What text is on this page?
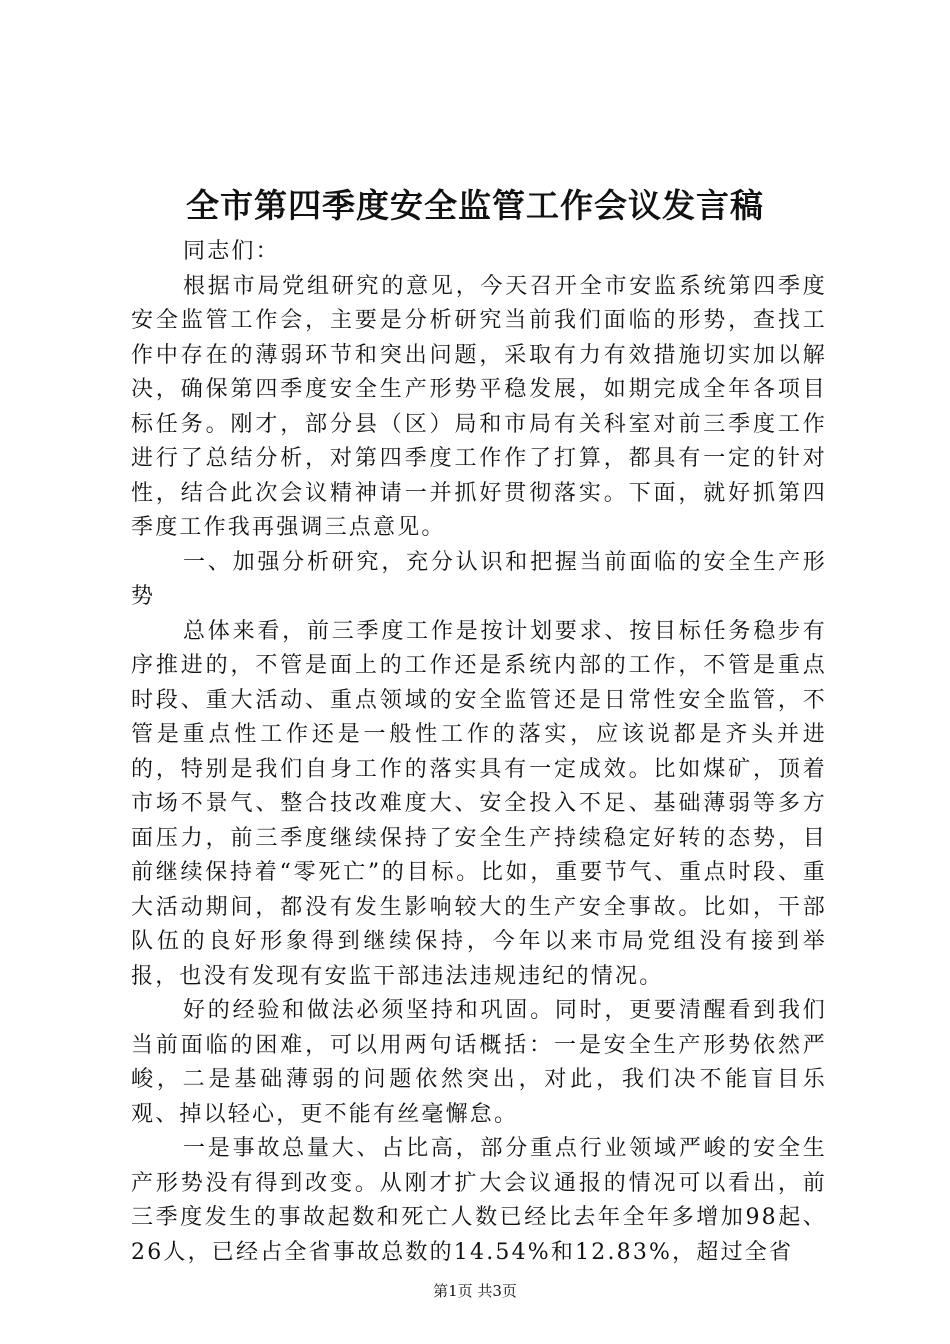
全市第四季度安全监管工作会议发言稿

同志们：

根据市局党组研究的意见，今天召开全市安监系统第四季度安全监管工作会，主要是分析研究当前我们面临的形势，查找工作中存在的薄弱环节和突出问题，采取有力有效措施切实加以解决，确保第四季度安全生产形势平稳发展，如期完成全年各项目标任务。刚才，部分县（区）局和市局有关科室对前三季度工作进行了总结分析，对第四季度工作作了打算，都具有一定的针对性，结合此次会议精神请一并抓好贯彻落实。下面，就好抓第四季度工作我再强调三点意见。

一、加强分析研究，充分认识和把握当前面临的安全生产形势

总体来看，前三季度工作是按计划要求、按目标任务稳步有序推进的，不管是面上的工作还是系统内部的工作，不管是重点时段、重大活动、重点领域的安全监管还是日常性安全监管，不管是重点性工作还是一般性工作的落实，应该说都是齐头并进的，特别是我们自身工作的落实具有一定成效。比如煤矿，顶着市场不景气、整合技改难度大、安全投入不足、基础薄弱等多方面压力，前三季度继续保持了安全生产持续稳定好转的态势，目前继续保持着“零死亡”的目标。比如，重要节气、重点时段、重大活动期间，都没有发生影响较大的生产安全事故。比如，干部队伍的良好形象得到继续保持，今年以来市局党组没有接到举报，也没有发现有安监干部违法违规违纪的情况。

好的经验和做法必须坚持和巩固。同时，更要清醒看到我们当前面临的困难，可以用两句话概括：一是安全生产形势依然严峻，二是基础薄弱的问题依然突出，对此，我们决不能盲目乐观、掉以轻心，更不能有丝毫懈怠。

一是事故总量大、占比高，部分重点行业领域严峻的安全生产形势没有得到改变。从刚才扩大会议通报的情况可以看出，前三季度发生的事故起数和死亡人数已经比去年全年多增加98起、26人，已经占全省事故总数的14.54%和12.83%，超过全省

第1页 共3页
